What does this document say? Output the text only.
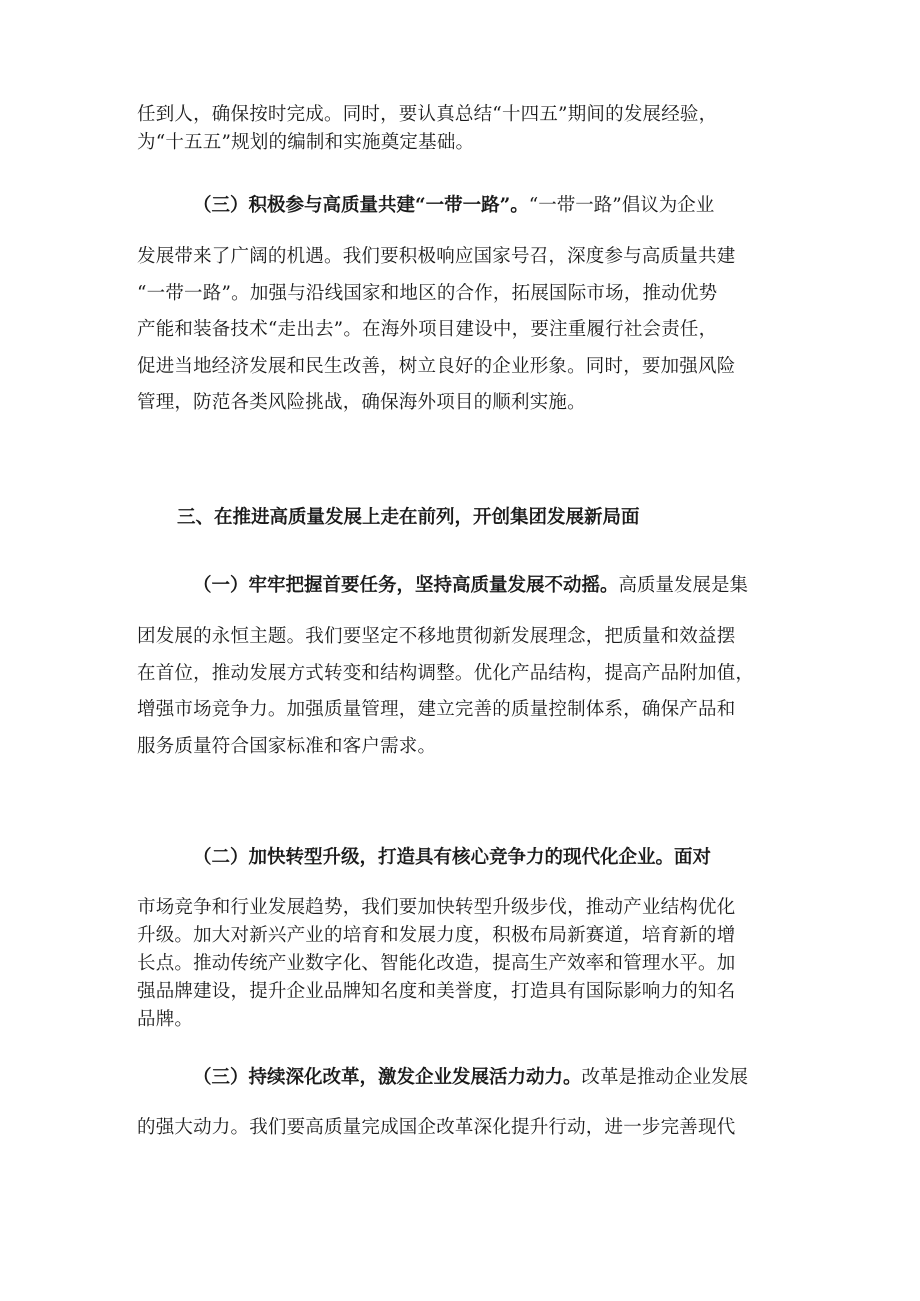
任到人，确保按时完成。同时，要认真总结“十四五”期间的发展经验，
为“十五五”规划的编制和实施奠定基础。
（三）积极参与高质量共建“一带一路”。“一带一路”倡议为企业
发展带来了广阔的机遇。我们要积极响应国家号召，深度参与高质量共建
“一带一路”。加强与沿线国家和地区的合作，拓展国际市场，推动优势
产能和装备技术“走出去”。在海外项目建设中，要注重履行社会责任，
促进当地经济发展和民生改善，树立良好的企业形象。同时，要加强风险
管理，防范各类风险挑战，确保海外项目的顺利实施。
三、在推进高质量发展上走在前列，开创集团发展新局面
（一）牢牢把握首要任务，坚持高质量发展不动摇。高质量发展是集
团发展的永恒主题。我们要坚定不移地贯彻新发展理念，把质量和效益摆
在首位，推动发展方式转变和结构调整。优化产品结构，提高产品附加值，
增强市场竞争力。加强质量管理，建立完善的质量控制体系，确保产品和
服务质量符合国家标准和客户需求。
（二）加快转型升级，打造具有核心竞争力的现代化企业。面对
市场竞争和行业发展趋势，我们要加快转型升级步伐，推动产业结构优化
升级。加大对新兴产业的培育和发展力度，积极布局新赛道，培育新的增
长点。推动传统产业数字化、智能化改造，提高生产效率和管理水平。加
强品牌建设，提升企业品牌知名度和美誉度，打造具有国际影响力的知名
品牌。
（三）持续深化改革，激发企业发展活力动力。改革是推动企业发展
的强大动力。我们要高质量完成国企改革深化提升行动，进一步完善现代
